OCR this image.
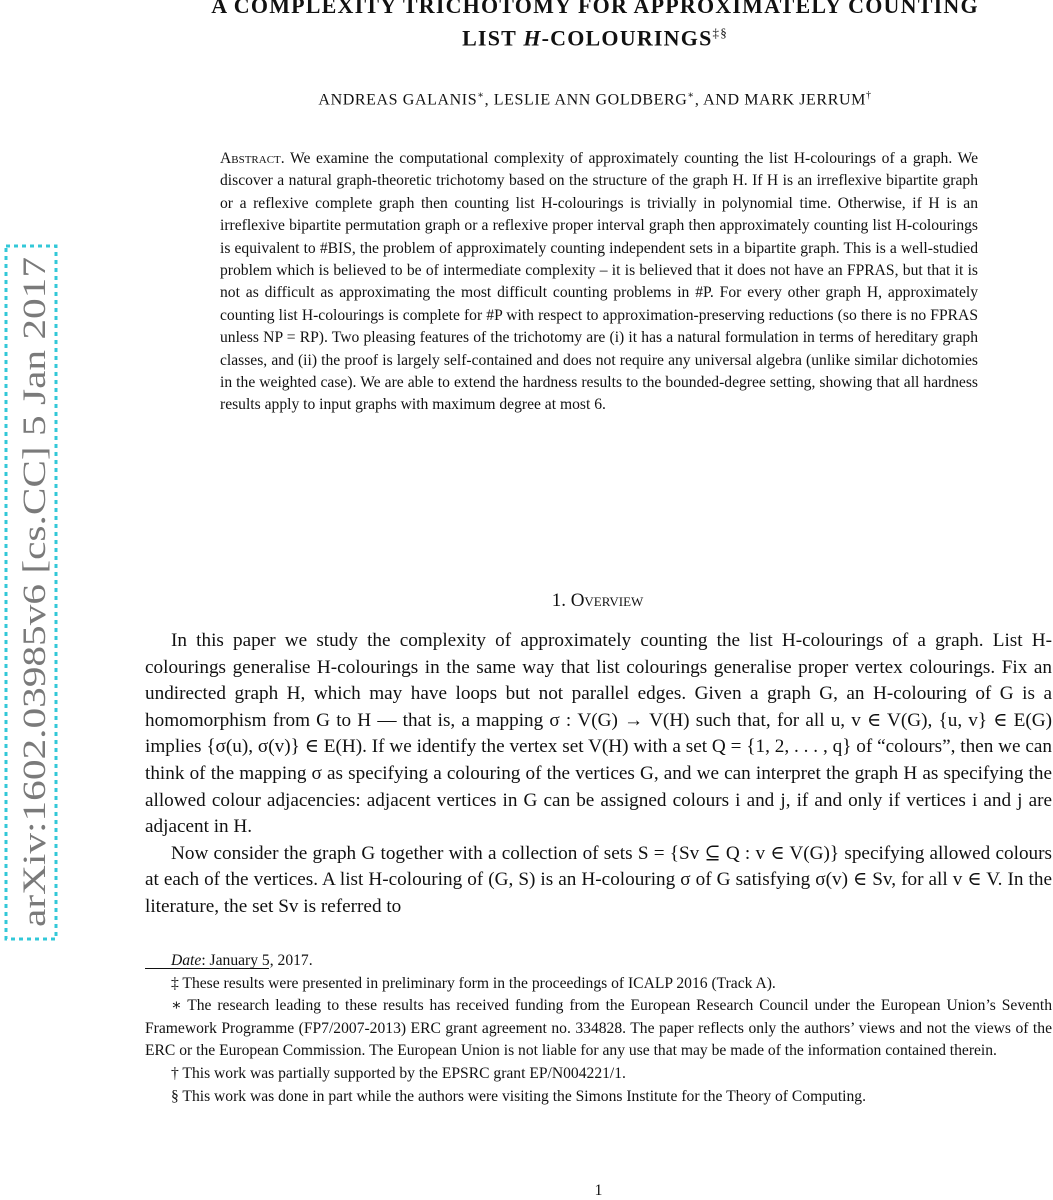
arXiv:1602.03985v6 [cs.CC] 5 Jan 2017
A COMPLEXITY TRICHOTOMY FOR APPROXIMATELY COUNTING
LIST H-COLOURINGS‡§
ANDREAS GALANIS∗, LESLIE ANN GOLDBERG∗, AND MARK JERRUM†
Abstract. We examine the computational complexity of approximately counting the list H-colourings of a graph. We discover a natural graph-theoretic trichotomy based on the structure of the graph H. If H is an irreflexive bipartite graph or a reflexive complete graph then counting list H-colourings is trivially in polynomial time. Otherwise, if H is an irreflexive bipartite permutation graph or a reflexive proper interval graph then approximately counting list H-colourings is equivalent to #BIS, the problem of approximately counting independent sets in a bipartite graph. This is a well-studied problem which is believed to be of intermediate complexity – it is believed that it does not have an FPRAS, but that it is not as difficult as approximating the most difficult counting problems in #P. For every other graph H, approximately counting list H-colourings is complete for #P with respect to approximation-preserving reductions (so there is no FPRAS unless NP = RP). Two pleasing features of the trichotomy are (i) it has a natural formulation in terms of hereditary graph classes, and (ii) the proof is largely self-contained and does not require any universal algebra (unlike similar dichotomies in the weighted case). We are able to extend the hardness results to the bounded-degree setting, showing that all hardness results apply to input graphs with maximum degree at most 6.
1. Overview

In this paper we study the complexity of approximately counting the list H-colourings of a graph. List H-colourings generalise H-colourings in the same way that list colourings generalise proper vertex colourings. Fix an undirected graph H, which may have loops but not parallel edges. Given a graph G, an H-colouring of G is a homomorphism from G to H — that is, a mapping σ : V(G) → V(H) such that, for all u, v ∈ V(G), {u, v} ∈ E(G) implies {σ(u), σ(v)} ∈ E(H). If we identify the vertex set V(H) with a set Q = {1, 2, . . . , q} of “colours”, then we can think of the mapping σ as specifying a colouring of the vertices G, and we can interpret the graph H as specifying the allowed colour adjacencies: adjacent vertices in G can be assigned colours i and j, if and only if vertices i and j are adjacent in H.

Now consider the graph G together with a collection of sets S = {Sv ⊆ Q : v ∈ V(G)} specifying allowed colours at each of the vertices. A list H-colouring of (G, S) is an H-colouring σ of G satisfying σ(v) ∈ Sv, for all v ∈ V. In the literature, the set Sv is referred to

Date: January 5, 2017.

‡ These results were presented in preliminary form in the proceedings of ICALP 2016 (Track A).

∗ The research leading to these results has received funding from the European Research Council under the European Union’s Seventh Framework Programme (FP7/2007-2013) ERC grant agreement no. 334828. The paper reflects only the authors’ views and not the views of the ERC or the European Commission. The European Union is not liable for any use that may be made of the information contained therein.

† This work was partially supported by the EPSRC grant EP/N004221/1.

§ This work was done in part while the authors were visiting the Simons Institute for the Theory of Computing.

1
